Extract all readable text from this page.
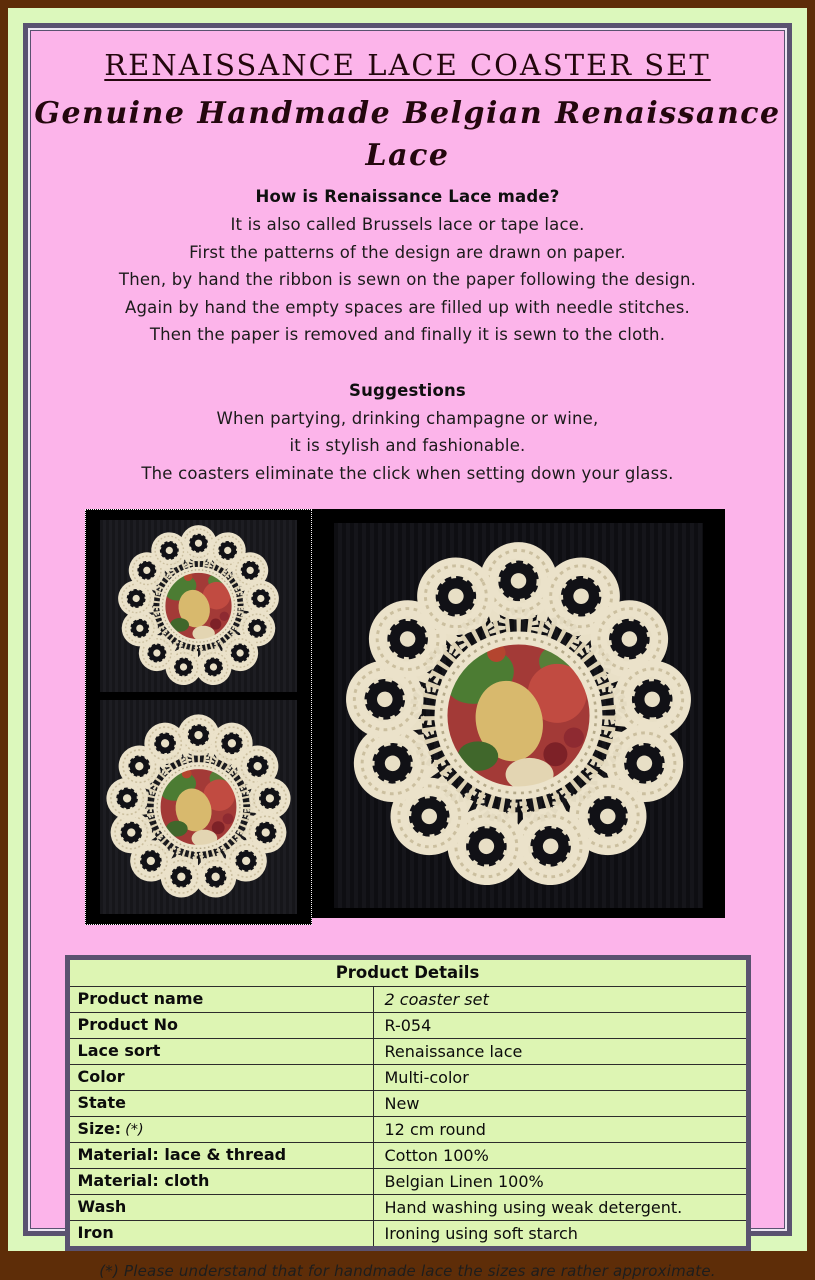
RENAISSANCE LACE COASTER SET
Genuine Handmade Belgian Renaissance Lace
How is Renaissance Lace made?
It is also called Brussels lace or tape lace.
First the patterns of the design are drawn on paper.
Then, by hand the ribbon is sewn on the paper following the design.
Again by hand the empty spaces are filled up with needle stitches.
Then the paper is removed and finally it is sewn to the cloth.
Suggestions
When partying, drinking champagne or wine,
it is stylish and fashionable.
The coasters eliminate the click when setting down your glass.
Product Details	
Product name	2 coaster set
Product No	R-054
Lace sort	Renaissance lace
Color	Multi-color
State	New
Size: (*)	12 cm round
Material: lace & thread	Cotton 100%
Material: cloth	Belgian Linen 100%
Wash	Hand washing using weak detergent.
Iron	Ironing using soft starch
(*) Please understand that for handmade lace the sizes are rather approximate.
